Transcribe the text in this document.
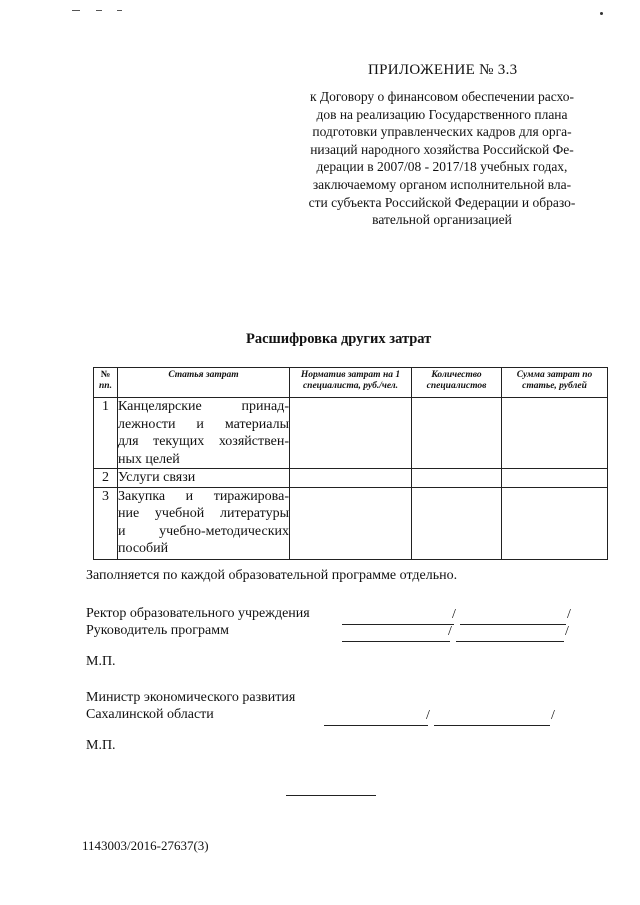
ПРИЛОЖЕНИЕ № 3.3
к Договору о финансовом обеспечении расхо-
дов на реализацию Государственного плана
подготовки управленческих кадров для орга-
низаций народного хозяйства Российской Фе-
дерации в 2007/08 - 2017/18 учебных годах,
заключаемому органом исполнительной вла-
сти субъекта Российской Федерации и образо-
вательной организацией
Расшифровка других затрат
№
пп.	Статья затрат	Норматив затрат на 1 специалиста, руб./чел.	Количество специалистов	Сумма затрат по статье, рублей
1	Канцелярские принад-
лежности и материалы
для текущих хозяйствен-
ных целей			

2	Услуги связи			

3	Закупка и тиражирова-
ние учебной литературы
и учебно-методических
пособий			

Заполняется по каждой образовательной программе отдельно.
Ректор образовательного учреждения
Руководитель программ
/	/
/	/
М.П.
Министр экономического развития
Сахалинской области	/	/
М.П.
1143003/2016-27637(3)
